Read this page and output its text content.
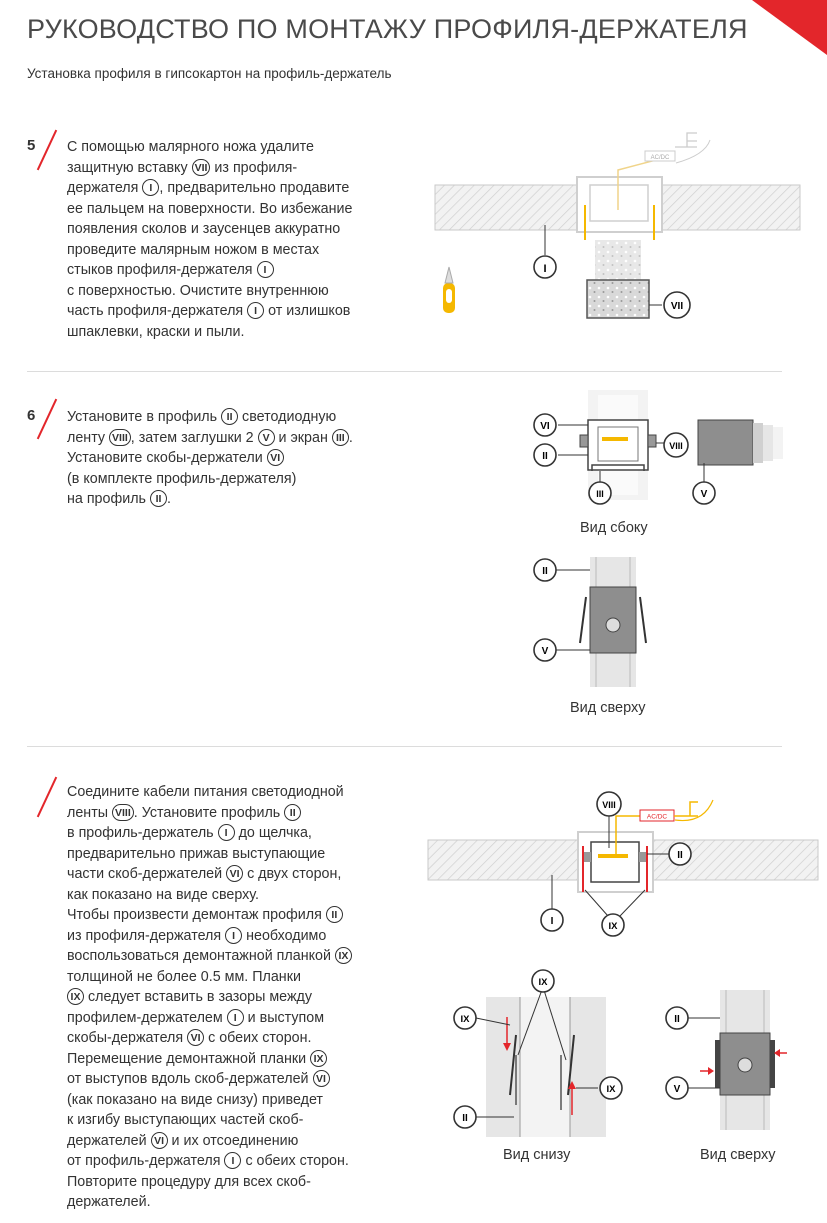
РУКОВОДСТВО ПО МОНТАЖУ ПРОФИЛЯ-ДЕРЖАТЕЛЯ
Установка профиля в гипсокартон на профиль-держатель
5 С помощью малярного ножа удалите
защитную вставку VII из профиля-
держателя I , предварительно продавите
ее пальцем на поверхности. Во избежание
появления сколов и заусенцев аккуратно
проведите малярным ножом в местах
стыков профиля-держателя I
с поверхностью. Очистите внутреннюю
часть профиля-держателя I от излишков
шпаклевки, краски и пыли.
AC/DC
I
VII
6 Установите в профиль II светодиодную
ленту VIII , затем заглушки 2 V и экран III .
Установите скобы-держатели VI
(в комплекте профиль-держателя)
на профиль II .
VI
II
III
VIII
V
Вид сбоку
II
V
Вид сверху
Соедините кабели питания светодиодной
ленты VIII . Установите профиль II
в профиль-держатель I до щелчка,
предварительно прижав выступающие
части скоб-держателей VI с двух сторон,
как показано на виде сверху.
Чтобы произвести демонтаж профиля II
из профиля-держателя I необходимо
воспользоваться демонтажной планкой IX
толщиной не более 0.5 мм. Планки
IX следует вставить в зазоры между
профилем-держателем I и выступом
скобы-держателя VI с обеих сторон.
Перемещение демонтажной планки IX
от выступов вдоль скоб-держателей VI
(как показано на виде снизу) приведет
к изгибу выступающих частей скоб-
держателей VI и их отсоединению
от профиль-держателя I с обеих сторон.
Повторите процедуру для всех скоб-
держателей.
AC/DC
VIII
II
I	IX
IX
IX
IX
II
Вид снизу
II
V
Вид сверху
